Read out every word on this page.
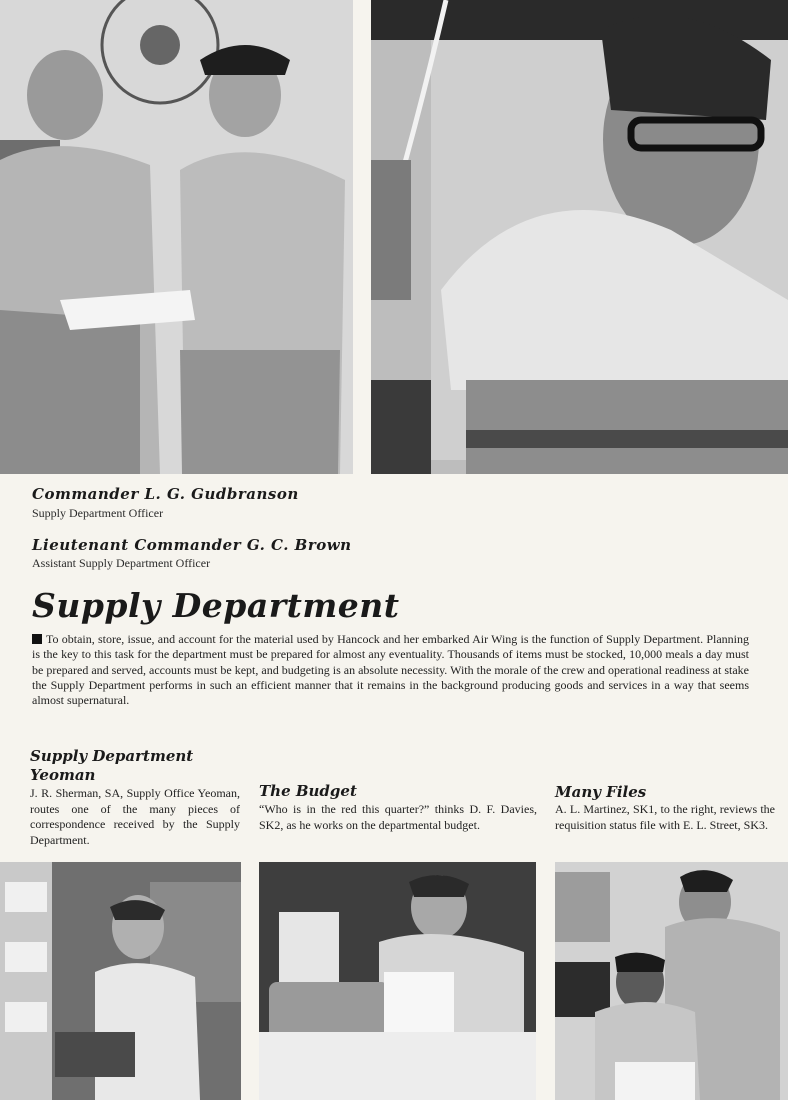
Commander L. G. Gudbranson

Supply Department Officer

Lieutenant Commander G. C. Brown

Assistant Supply Department Officer

Supply Department

To obtain, store, issue, and account for the material used by Hancock and her embarked Air Wing is the function of Supply Department. Planning is the key to this task for the department must be prepared for almost any eventuality. Thousands of items must be stocked, 10,000 meals a day must be prepared and served, accounts must be kept, and budgeting is an absolute necessity. With the morale of the crew and operational readiness at stake the Supply Department performs in such an efficient manner that it remains in the background producing goods and services in a way that seems almost supernatural.

Supply Department Yeoman

J. R. Sherman, SA, Supply Office Yeoman, routes one of the many pieces of correspondence received by the Supply Department.

The Budget

“Who is in the red this quarter?” thinks D. F. Davies, SK2, as he works on the departmental budget.

Many Files

A. L. Martinez, SK1, to the right, reviews the requisition status file with E. L. Street, SK3.
